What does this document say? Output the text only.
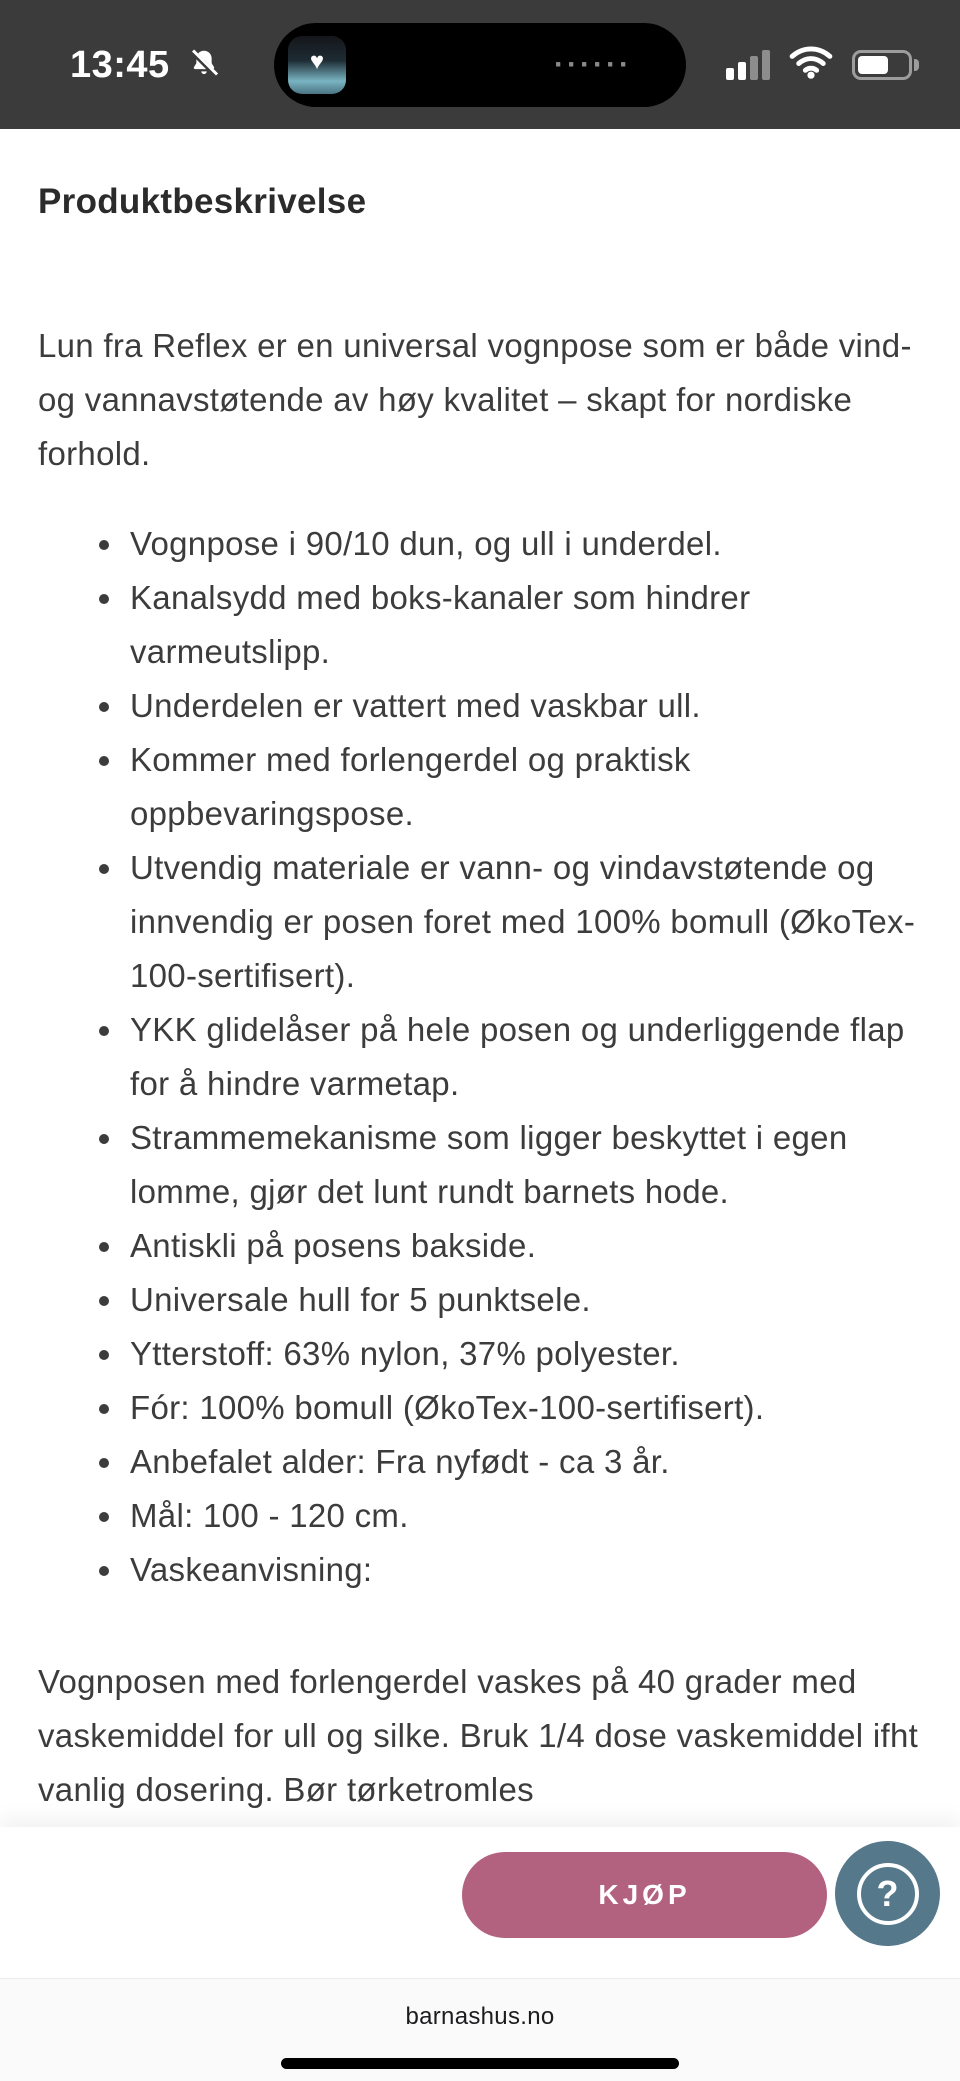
13:45	♥	······
Produktbeskrivelse

Lun fra Reflex er en universal vognpose som er både vind- og vannavstøtende av høy kvalitet – skapt for nordiske forhold.

• Vognpose i 90/10 dun, og ull i underdel.
• Kanalsydd med boks-kanaler som hindrer varmeutslipp.
• Underdelen er vattert med vaskbar ull.
• Kommer med forlengerdel og praktisk oppbevaringspose.
• Utvendig materiale er vann- og vindavstøtende og innvendig er posen foret med 100% bomull (ØkoTex-100-sertifisert).
• YKK glidelåser på hele posen og underliggende flap for å hindre varmetap.
• Strammemekanisme som ligger beskyttet i egen lomme, gjør det lunt rundt barnets hode.
• Antiskli på posens bakside.
• Universale hull for 5 punktsele.
• Ytterstoff: 63% nylon, 37% polyester.
• Fór: 100% bomull (ØkoTex-100-sertifisert).
• Anbefalet alder: Fra nyfødt - ca 3 år.
• Mål: 100 - 120 cm.
• Vaskeanvisning:

Vognposen med forlengerdel vaskes på 40 grader med vaskemiddel for ull og silke. Bruk 1/4 dose vaskemiddel ifht vanlig dosering. Bør tørketromles

KJØP	?
barnashus.no
